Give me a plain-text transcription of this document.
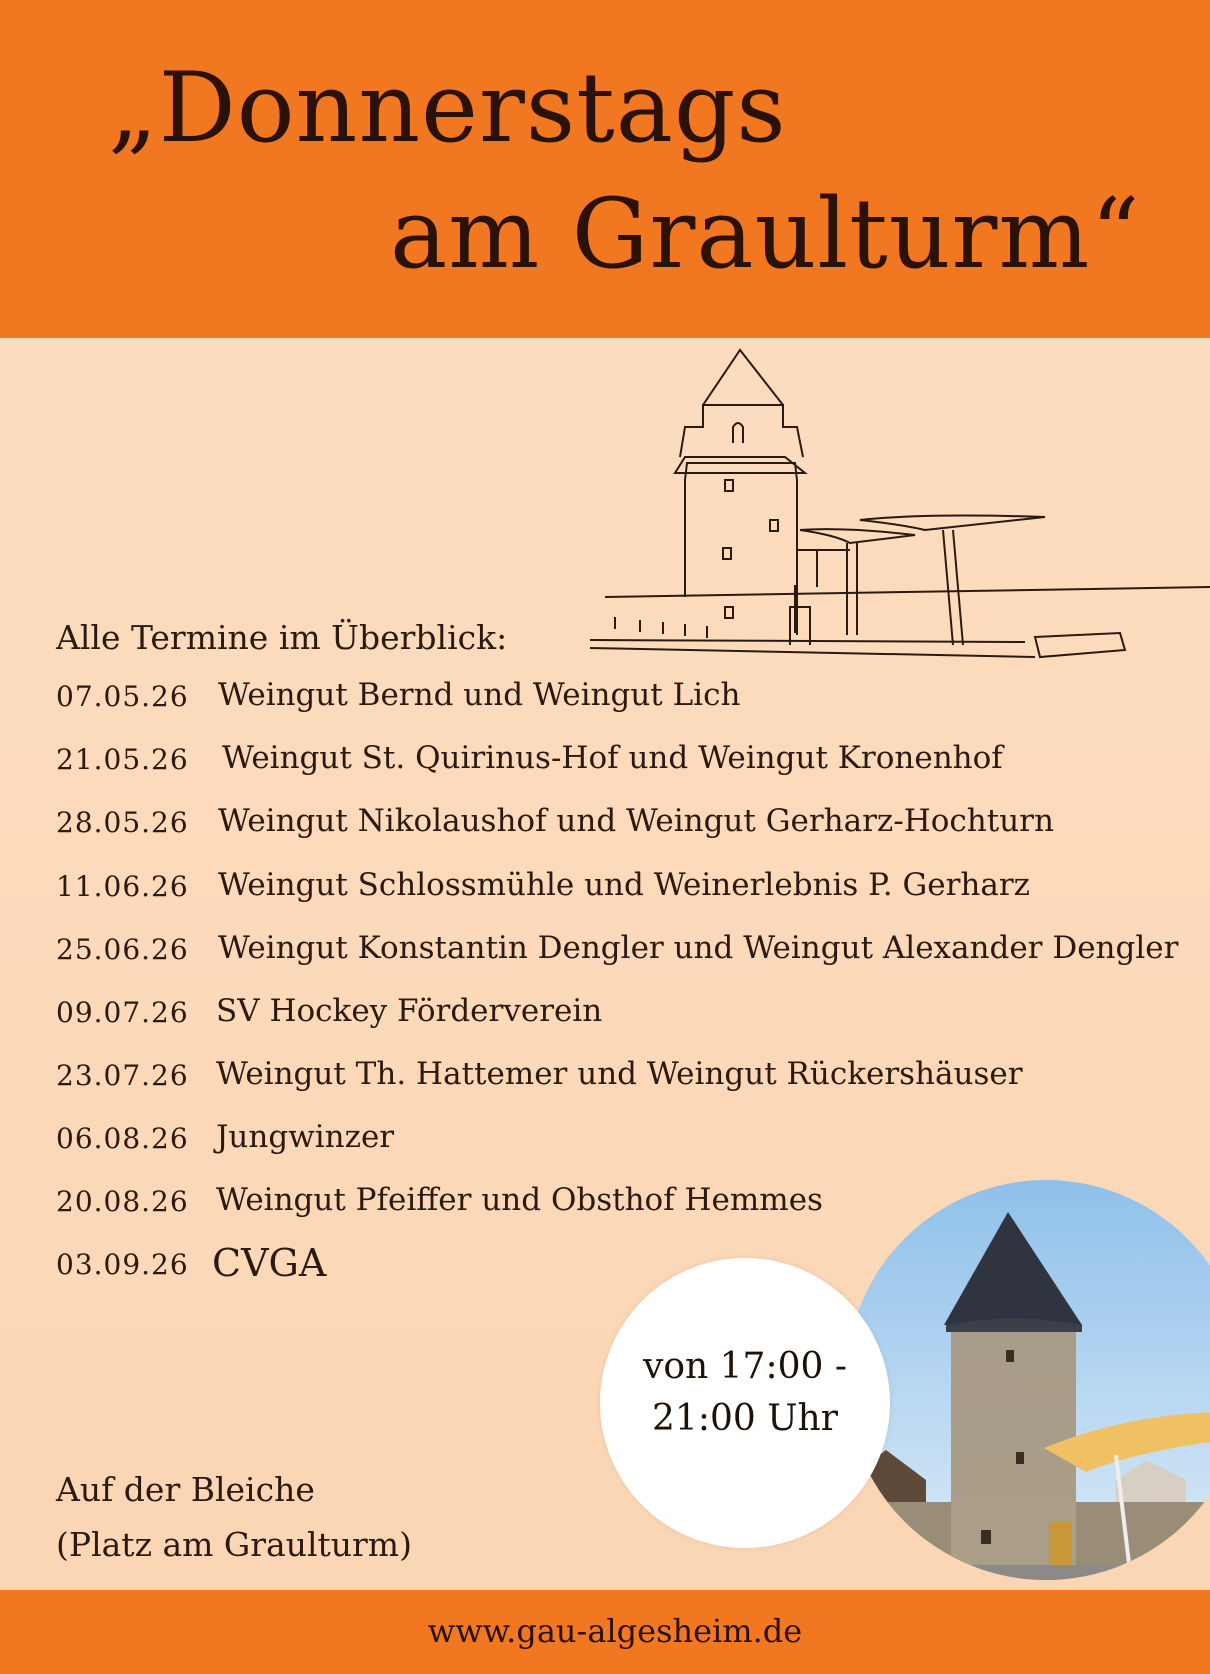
„Donnerstags
am Graulturm“
Alle Termine im Überblick:
07.05.26 Weingut Bernd und Weingut Lich
21.05.26 Weingut St. Quirinus-Hof und Weingut Kronenhof
28.05.26 Weingut Nikolaushof und Weingut Gerharz-Hochturn
11.06.26 Weingut Schlossmühle und Weinerlebnis P. Gerharz
25.06.26 Weingut Konstantin Dengler und Weingut Alexander Dengler
09.07.26 SV Hockey Förderverein
23.07.26 Weingut Th. Hattemer und Weingut Rückershäuser
06.08.26 Jungwinzer
20.08.26 Weingut Pfeiffer und Obsthof Hemmes
03.09.26 CVGA
von 17:00 -
21:00 Uhr
Auf der Bleiche
(Platz am Graulturm)
www.gau-algesheim.de
